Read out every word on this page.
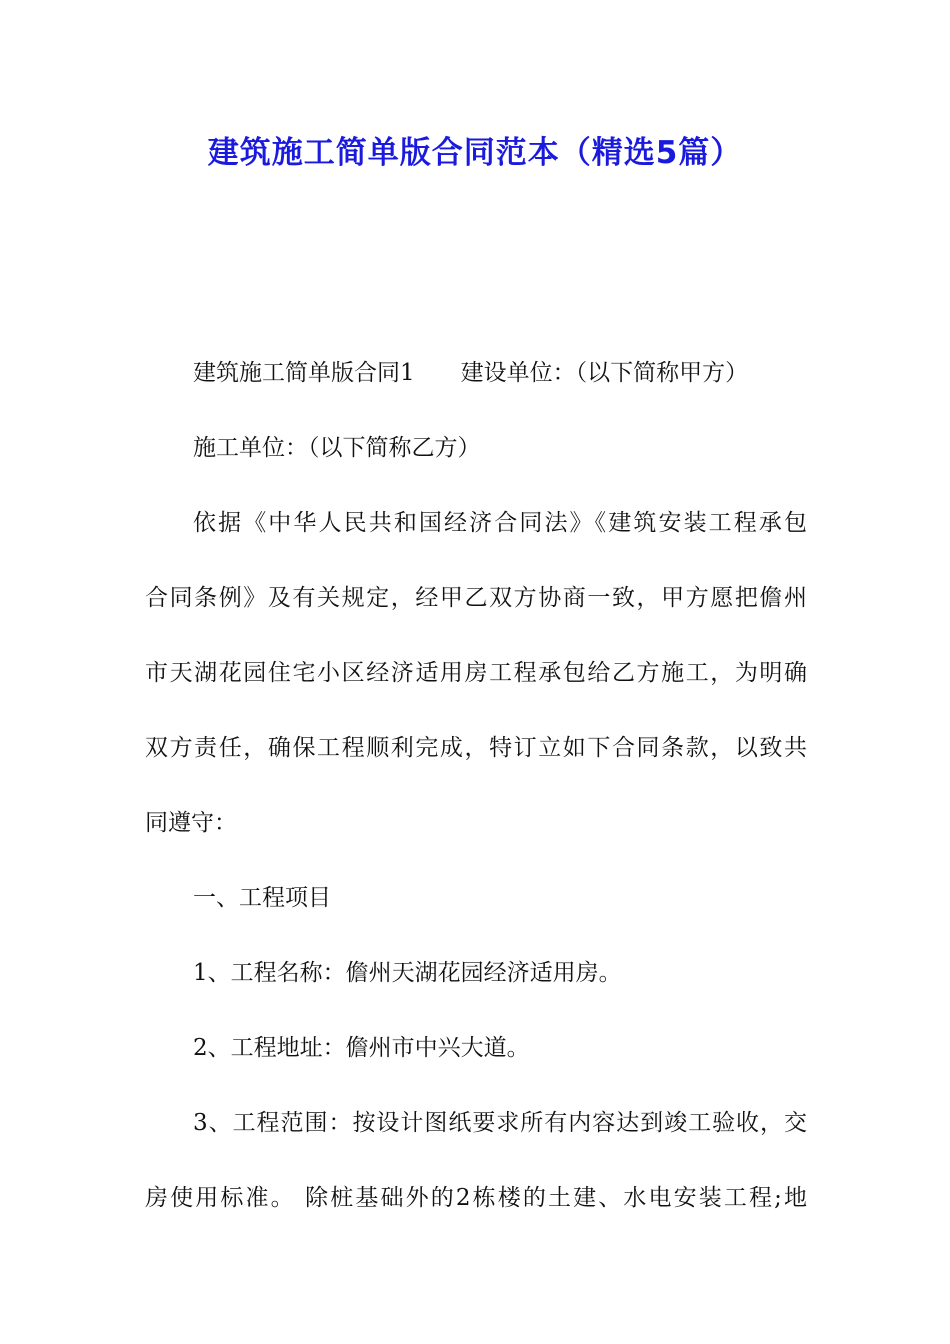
建筑施工简单版合同范本（精选5篇）
建筑施工简单版合同1 建设单位：（以下简称甲方）
施工单位：（以下简称乙方）
依据《中华人民共和国经济合同法》《建筑安装工程承包
合同条例》及有关规定，经甲乙双方协商一致，甲方愿把儋州
市天湖花园住宅小区经济适用房工程承包给乙方施工，为明确
双方责任，确保工程顺利完成，特订立如下合同条款，以致共
同遵守：
一、工程项目
1、工程名称：儋州天湖花园经济适用房。
2、工程地址：儋州市中兴大道。
3、工程范围：按设计图纸要求所有内容达到竣工验收，交
房使用标准。 除桩基础外的2栋楼的土建、水电安装工程;地
